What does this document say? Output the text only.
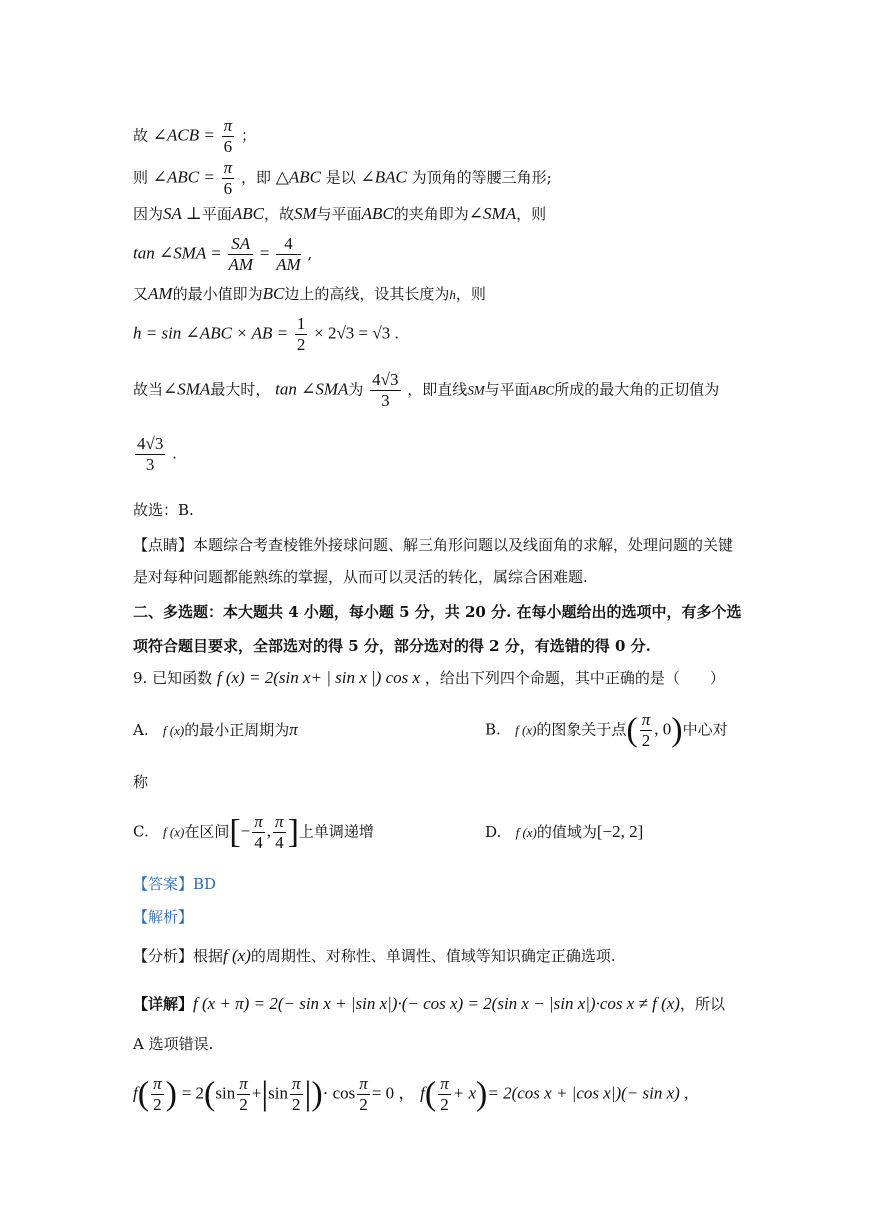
故 ∠ACB = $\frac{\pi}{6}$ ；
则 ∠ABC = $\frac{\pi}{6}$ ，即 △ABC 是以 ∠BAC 为顶角的等腰三角形;
因为SA ⊥平面ABC，故SM与平面ABC的夹角即为∠SMA，则
tan ∠SMA = $\frac{SA}{AM} = \frac{4}{AM}$ ,
又AM的最小值即为BC边上的高线，设其长度为h，则
h = sin ∠ABC × AB = $\frac{1}{2} \times 2√3 = √3$ .
故当∠SMA最大时， tan ∠SMA为 $\frac{4√3}{3}$ ，即直线SM与平面ABC所成的最大角的正切值为
$\frac{4√3}{3}$ .
故选：B.
【点睛】本题综合考查棱锥外接球问题、解三角形问题以及线面角的求解，处理问题的关键
是对每种问题都能熟练的掌握，从而可以灵活的转化，属综合困难题.
二、多选题：本大题共 4 小题，每小题 5 分，共 20 分. 在每小题给出的选项中，有多个选
项符合题目要求，全部选对的得 5 分，部分选对的得 2 分，有选错的得 0 分.
9. 已知函数 f (x) = 2(sin x+ | sin x |) cos x ，给出下列四个命题，其中正确的是（　　）
A. f (x)的最小正周期为π	B. f (x)的图象关于点( $\frac{\pi}{2}$ , 0)中心对
称
C. f (x)在区间[− $\frac{\pi}{4}$ , $\frac{\pi}{4}$ ]上单调递增	D. f (x)的值域为[−2, 2]
【答案】BD
【解析】
【分析】根据f (x)的周期性、对称性、单调性、值域等知识确定正确选项.
【详解】f (x + π) = 2(− sin x + |sin x|)·(− cos x) = 2(sin x − |sin x|)·cos x ≠ f (x)，所以
A 选项错误.
$f( \frac{\pi}{2}$ ) = $2(\sin \frac{\pi}{2} +|\sin \frac{\pi}{2}$ |)· $\cos \frac{\pi}{2} = 0$ ， $f( \frac{\pi}{2} + x)= 2(\cos$ x + |cos x|)(− sin x) ,
